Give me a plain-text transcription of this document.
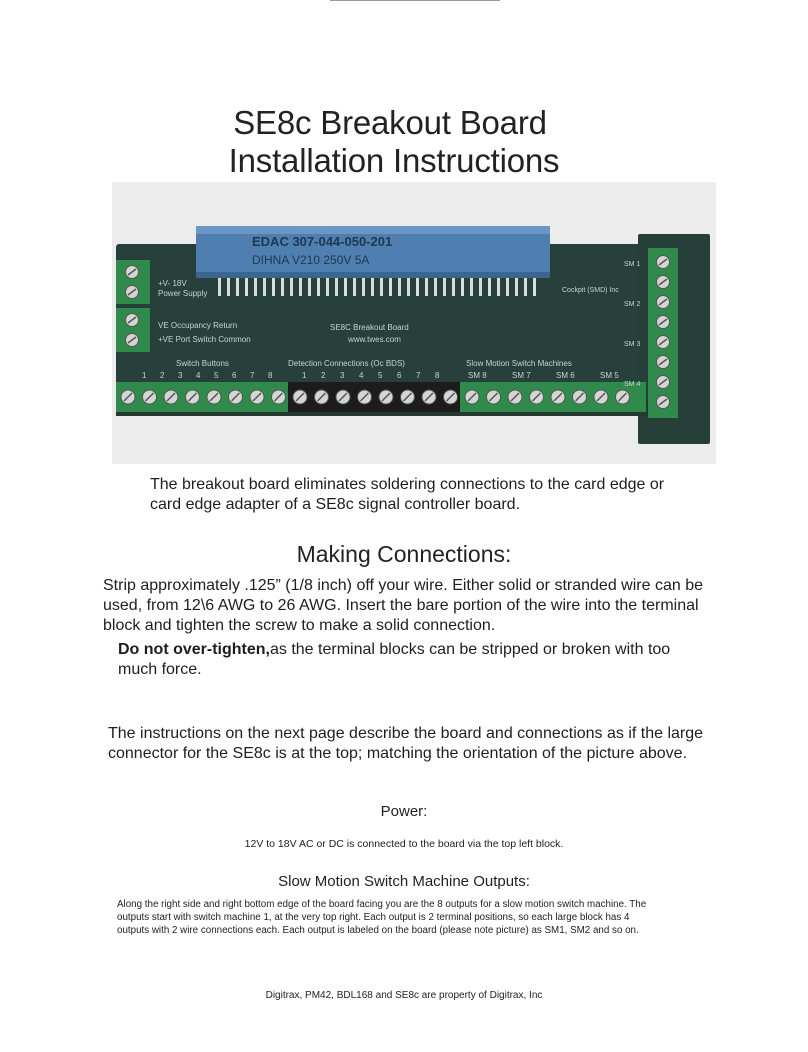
SE8c Breakout Board
Installation Instructions
EDAC 307-044-050-201
DIHNA V210 250V 5A
+V- 18V
Power Supply
VE Occupancy Return
+VE Port Switch Common
SE8C Breakout Board
www.twes.com
Switch Buttons	Detection Connections (Oc BDS)	Slow Motion Switch Machines
Cockpit (SMD) Inc
1 2 3 4 5 6 7 8	1 2 3 4 5 6 7 8	SM 8	SM 7	SM 6	SM 5
SM 1
SM 2
SM 3
SM 4
The breakout board eliminates soldering connections to the card edge or card edge adapter of a SE8c signal controller board.
Making Connections:
Strip approximately .125” (1/8 inch) off your wire. Either solid or stranded wire can be used, from 12\6 AWG to 26 AWG. Insert the bare portion of the wire into the terminal block and tighten the screw to make a solid connection.
Do not over-tighten,as the terminal blocks can be stripped or broken with too much force.
The instructions on the next page describe the board and connections as if the large connector for the SE8c is at the top; matching the orientation of the picture above.
Power:
12V to 18V AC or DC is connected to the board via the top left block.
Slow Motion Switch Machine Outputs:
Along the right side and right bottom edge of the board facing you are the 8 outputs for a slow motion switch machine. The outputs start with switch machine 1, at the very top right. Each output is 2 terminal positions, so each large block has 4 outputs with 2 wire connections each. Each output is labeled on the board (please note picture) as SM1, SM2 and so on.
Digitrax, PM42, BDL168 and SE8c are property of Digitrax, Inc
